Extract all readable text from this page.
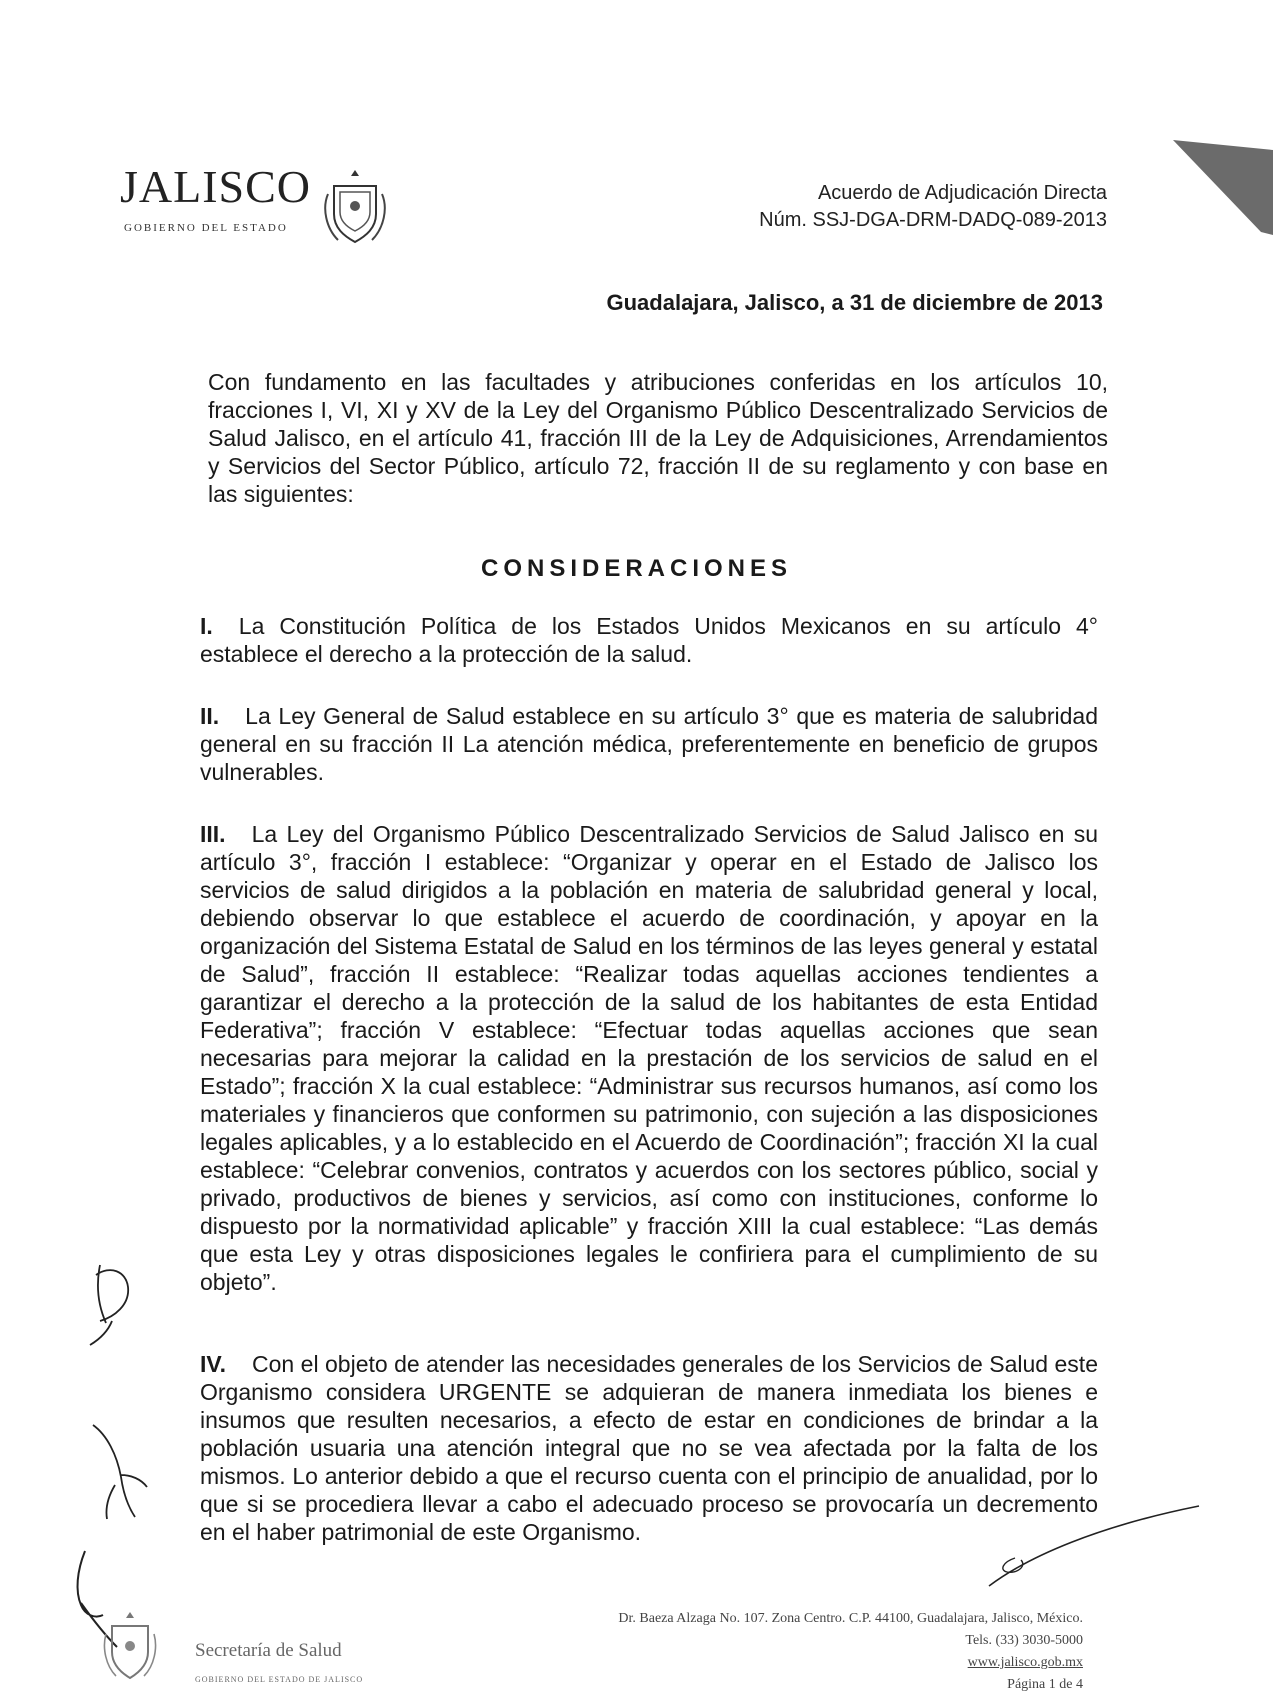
JALISCO
GOBIERNO DEL ESTADO
Acuerdo de Adjudicación Directa
Núm. SSJ-DGA-DRM-DADQ-089-2013
Guadalajara, Jalisco, a 31 de diciembre de 2013
Con fundamento en las facultades y atribuciones conferidas en los artículos 10, fracciones I, VI, XI y XV de la Ley del Organismo Público Descentralizado Servicios de Salud Jalisco, en el artículo 41, fracción III de la Ley de Adquisiciones, Arrendamientos y Servicios del Sector Público, artículo 72, fracción II de su reglamento y con base en las siguientes:
CONSIDERACIONES
I. La Constitución Política de los Estados Unidos Mexicanos en su artículo 4° establece el derecho a la protección de la salud.
II. La Ley General de Salud establece en su artículo 3° que es materia de salubridad general en su fracción II La atención médica, preferentemente en beneficio de grupos vulnerables.
III. La Ley del Organismo Público Descentralizado Servicios de Salud Jalisco en su artículo 3°, fracción I establece: “Organizar y operar en el Estado de Jalisco los servicios de salud dirigidos a la población en materia de salubridad general y local, debiendo observar lo que establece el acuerdo de coordinación, y apoyar en la organización del Sistema Estatal de Salud en los términos de las leyes general y estatal de Salud”, fracción II establece: “Realizar todas aquellas acciones tendientes a garantizar el derecho a la protección de la salud de los habitantes de esta Entidad Federativa”; fracción V establece: “Efectuar todas aquellas acciones que sean necesarias para mejorar la calidad en la prestación de los servicios de salud en el Estado”; fracción X la cual establece: “Administrar sus recursos humanos, así como los materiales y financieros que conformen su patrimonio, con sujeción a las disposiciones legales aplicables, y a lo establecido en el Acuerdo de Coordinación”; fracción XI la cual establece: “Celebrar convenios, contratos y acuerdos con los sectores público, social y privado, productivos de bienes y servicios, así como con instituciones, conforme lo dispuesto por la normatividad aplicable” y fracción XIII la cual establece: “Las demás que esta Ley y otras disposiciones legales le confiriera para el cumplimiento de su objeto”.
IV. Con el objeto de atender las necesidades generales de los Servicios de Salud este Organismo considera URGENTE se adquieran de manera inmediata los bienes e insumos que resulten necesarios, a efecto de estar en condiciones de brindar a la población usuaria una atención integral que no se vea afectada por la falta de los mismos. Lo anterior debido a que el recurso cuenta con el principio de anualidad, por lo que si se procediera llevar a cabo el adecuado proceso se provocaría un decremento en el haber patrimonial de este Organismo.
Secretaría de Salud
GOBIERNO DEL ESTADO DE JALISCO
Dr. Baeza Alzaga No. 107. Zona Centro. C.P. 44100, Guadalajara, Jalisco, México.
Tels. (33) 3030-5000
www.jalisco.gob.mx
Página 1 de 4
